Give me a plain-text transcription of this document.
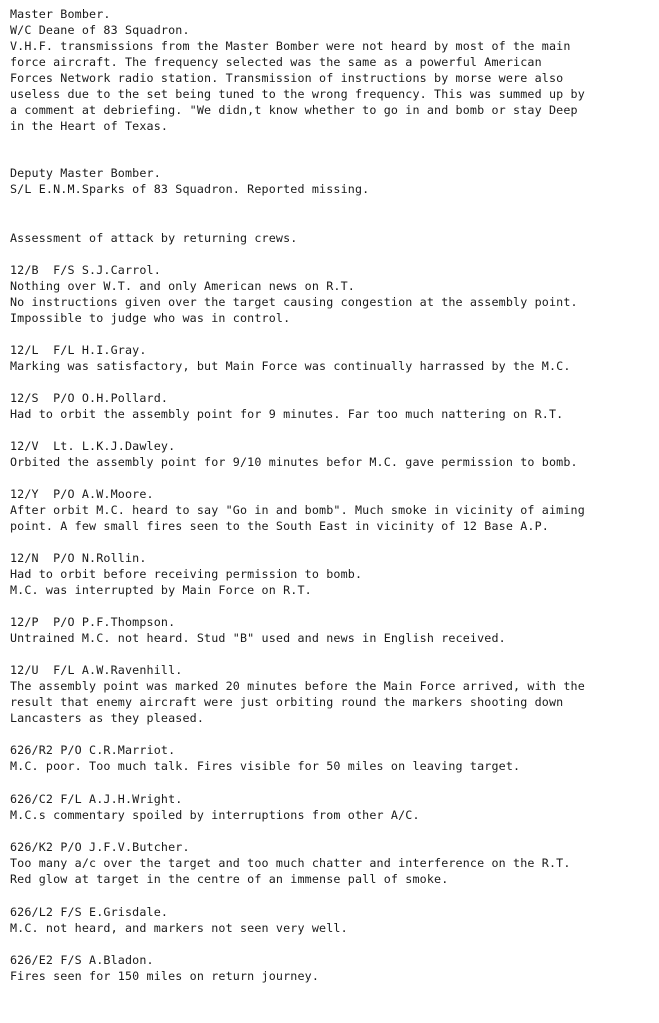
Master Bomber.
W/C Deane of 83 Squadron.
V.H.F. transmissions from the Master Bomber were not heard by most of the main
force aircraft. The frequency selected was the same as a powerful American
Forces Network radio station. Transmission of instructions by morse were also
useless due to the set being tuned to the wrong frequency. This was summed up by
a comment at debriefing. "We didn,t know whether to go in and bomb or stay Deep
in the Heart of Texas.
Deputy Master Bomber.
S/L E.N.M.Sparks of 83 Squadron. Reported missing.
Assessment of attack by returning crews.
12/B F/S S.J.Carrol.
Nothing over W.T. and only American news on R.T.
No instructions given over the target causing congestion at the assembly point.
Impossible to judge who was in control.
12/L F/L H.I.Gray.
Marking was satisfactory, but Main Force was continually harrassed by the M.C.
12/S P/O O.H.Pollard.
Had to orbit the assembly point for 9 minutes. Far too much nattering on R.T.
12/V Lt. L.K.J.Dawley.
Orbited the assembly point for 9/10 minutes befor M.C. gave permission to bomb.
12/Y P/O A.W.Moore.
After orbit M.C. heard to say "Go in and bomb". Much smoke in vicinity of aiming
point. A few small fires seen to the South East in vicinity of 12 Base A.P.
12/N P/O N.Rollin.
Had to orbit before receiving permission to bomb.
M.C. was interrupted by Main Force on R.T.
12/P P/O P.F.Thompson.
Untrained M.C. not heard. Stud "B" used and news in English received.
12/U F/L A.W.Ravenhill.
The assembly point was marked 20 minutes before the Main Force arrived, with the
result that enemy aircraft were just orbiting round the markers shooting down
Lancasters as they pleased.
626/R2 P/O C.R.Marriot.
M.C. poor. Too much talk. Fires visible for 50 miles on leaving target.
626/C2 F/L A.J.H.Wright.
M.C.s commentary spoiled by interruptions from other A/C.
626/K2 P/O J.F.V.Butcher.
Too many a/c over the target and too much chatter and interference on the R.T.
Red glow at target in the centre of an immense pall of smoke.
626/L2 F/S E.Grisdale.
M.C. not heard, and markers not seen very well.
626/E2 F/S A.Bladon.
Fires seen for 150 miles on return journey.
